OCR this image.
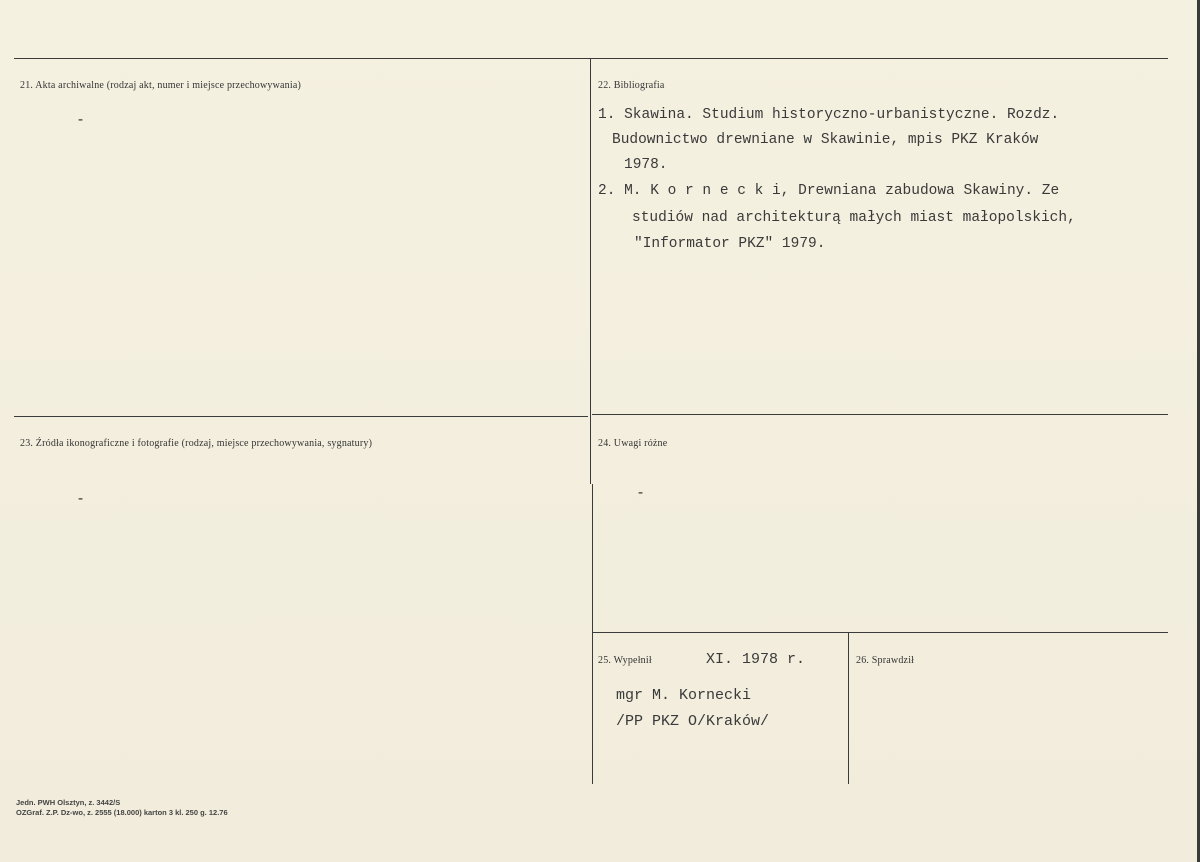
21. Akta archiwalne (rodzaj akt, numer i miejsce przechowywania)
-
22. Bibliografia
1. Skawina. Studium historyczno-urbanistyczne. Rozdz.
Budownictwo drewniane w Skawinie, mpis PKZ Kraków
1978.
2. M. K o r n e c k i, Drewniana zabudowa Skawiny. Ze
studiów nad architekturą małych miast małopolskich,
"Informator PKZ" 1979.
23. Źródła ikonograficzne i fotografie (rodzaj, miejsce przechowywania, sygnatury)
-
24. Uwagi różne
-
25. Wypełnił	XI. 1978 r.
mgr M. Kornecki
/PP PKZ O/Kraków/
26. Sprawdził
Jedn. PWH Olsztyn, z. 3442/S
OZGraf. Z.P. Dz-wo, z. 2555 (18.000) karton 3 kl. 250 g. 12.76
